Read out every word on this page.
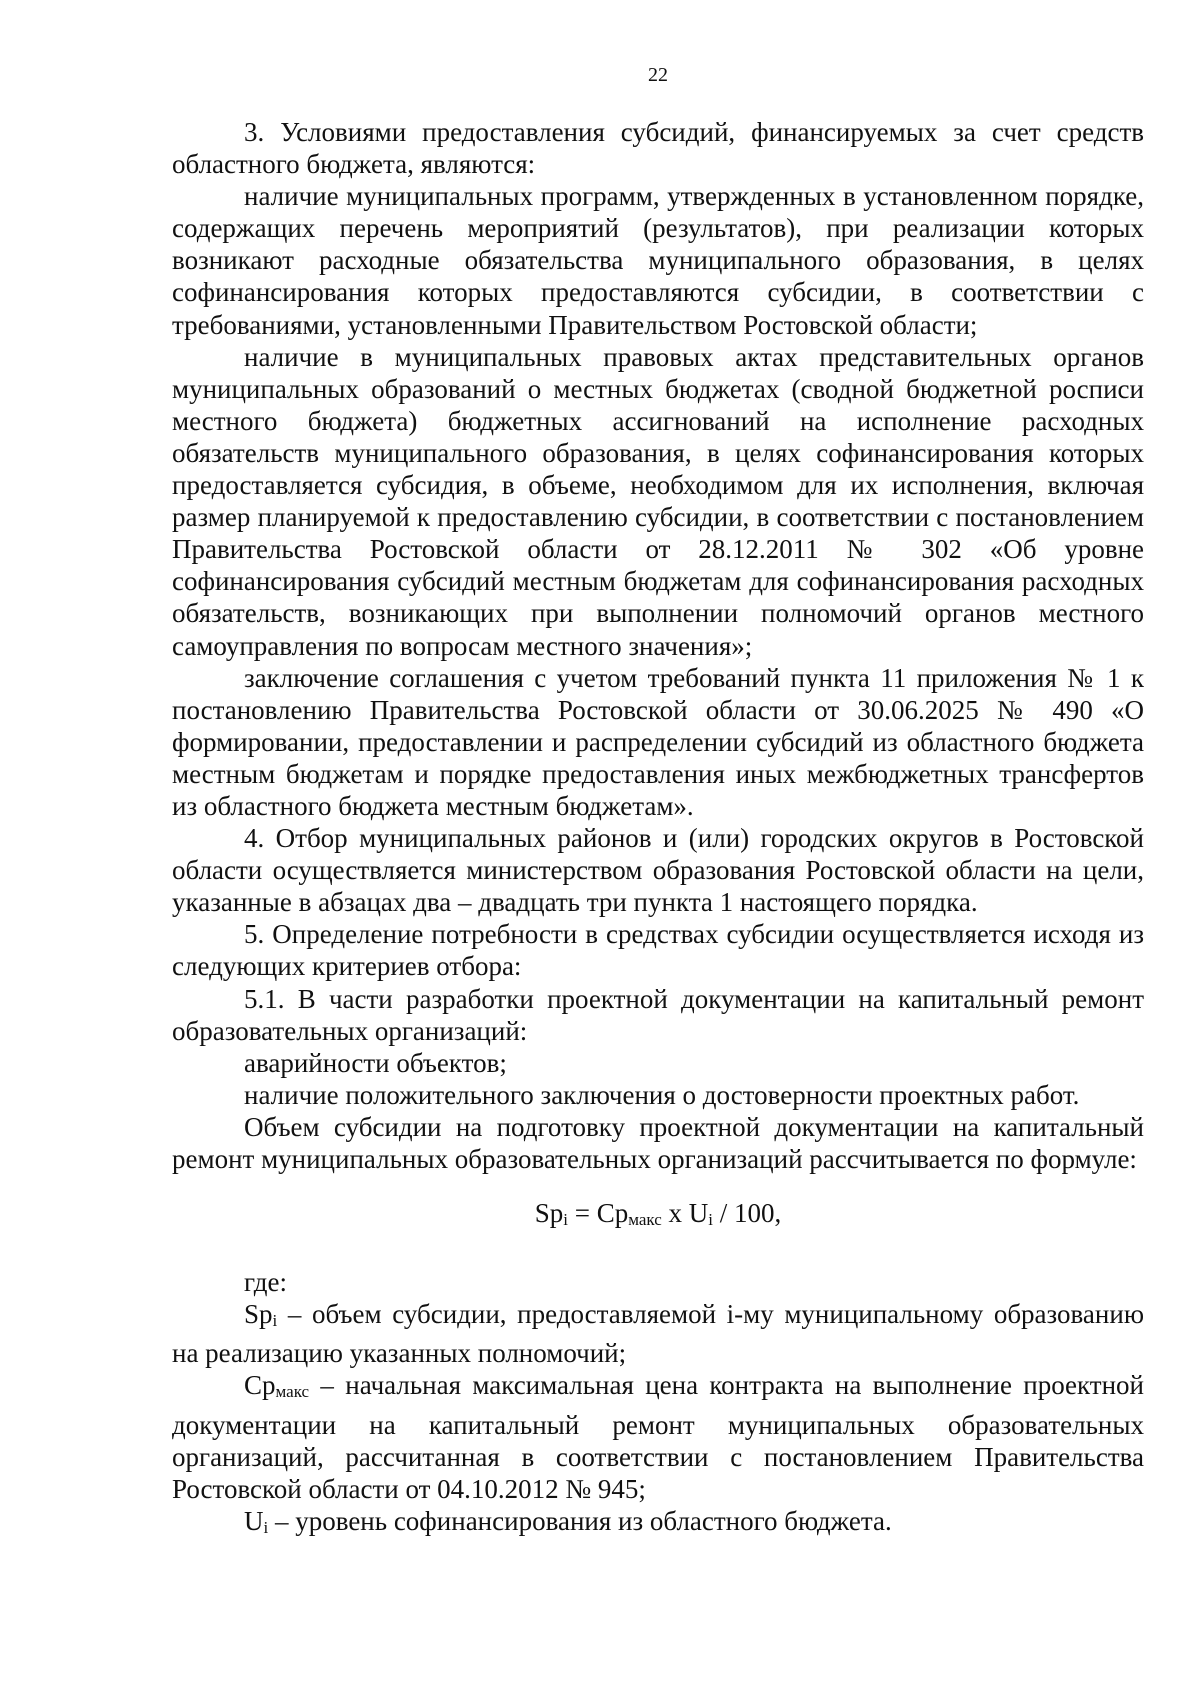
22

3. Условиями предоставления субсидий, финансируемых за счет средств областного бюджета, являются:

наличие муниципальных программ, утвержденных в установленном порядке, содержащих перечень мероприятий (результатов), при реализации которых возникают расходные обязательства муниципального образования, в целях софинансирования которых предоставляются субсидии, в соответствии с требованиями, установленными Правительством Ростовской области;

наличие в муниципальных правовых актах представительных органов муниципальных образований о местных бюджетах (сводной бюджетной росписи местного бюджета) бюджетных ассигнований на исполнение расходных обязательств муниципального образования, в целях софинансирования которых предоставляется субсидия, в объеме, необходимом для их исполнения, включая размер планируемой к предоставлению субсидии, в соответствии с постановлением Правительства Ростовской области от 28.12.2011 № 302 «Об уровне софинансирования субсидий местным бюджетам для софинансирования расходных обязательств, возникающих при выполнении полномочий органов местного самоуправления по вопросам местного значения»;

заключение соглашения с учетом требований пункта 11 приложения № 1 к постановлению Правительства Ростовской области от 30.06.2025 № 490 «О формировании, предоставлении и распределении субсидий из областного бюджета местным бюджетам и порядке предоставления иных межбюджетных трансфертов из областного бюджета местным бюджетам».

4. Отбор муниципальных районов и (или) городских округов в Ростовской области осуществляется министерством образования Ростовской области на цели, указанные в абзацах два – двадцать три пункта 1 настоящего порядка.

5. Определение потребности в средствах субсидии осуществляется исходя из следующих критериев отбора:

5.1. В части разработки проектной документации на капитальный ремонт образовательных организаций:

аварийности объектов;

наличие положительного заключения о достоверности проектных работ.

Объем субсидии на подготовку проектной документации на капитальный ремонт муниципальных образовательных организаций рассчитывается по формуле:

Spi = Cpмакс x Ui / 100,

где:

Spi – объем субсидии, предоставляемой i-му муниципальному образованию на реализацию указанных полномочий;

Cpмакс – начальная максимальная цена контракта на выполнение проектной документации на капитальный ремонт муниципальных образовательных организаций, рассчитанная в соответствии с постановлением Правительства Ростовской области от 04.10.2012 № 945;

Ui – уровень софинансирования из областного бюджета.
